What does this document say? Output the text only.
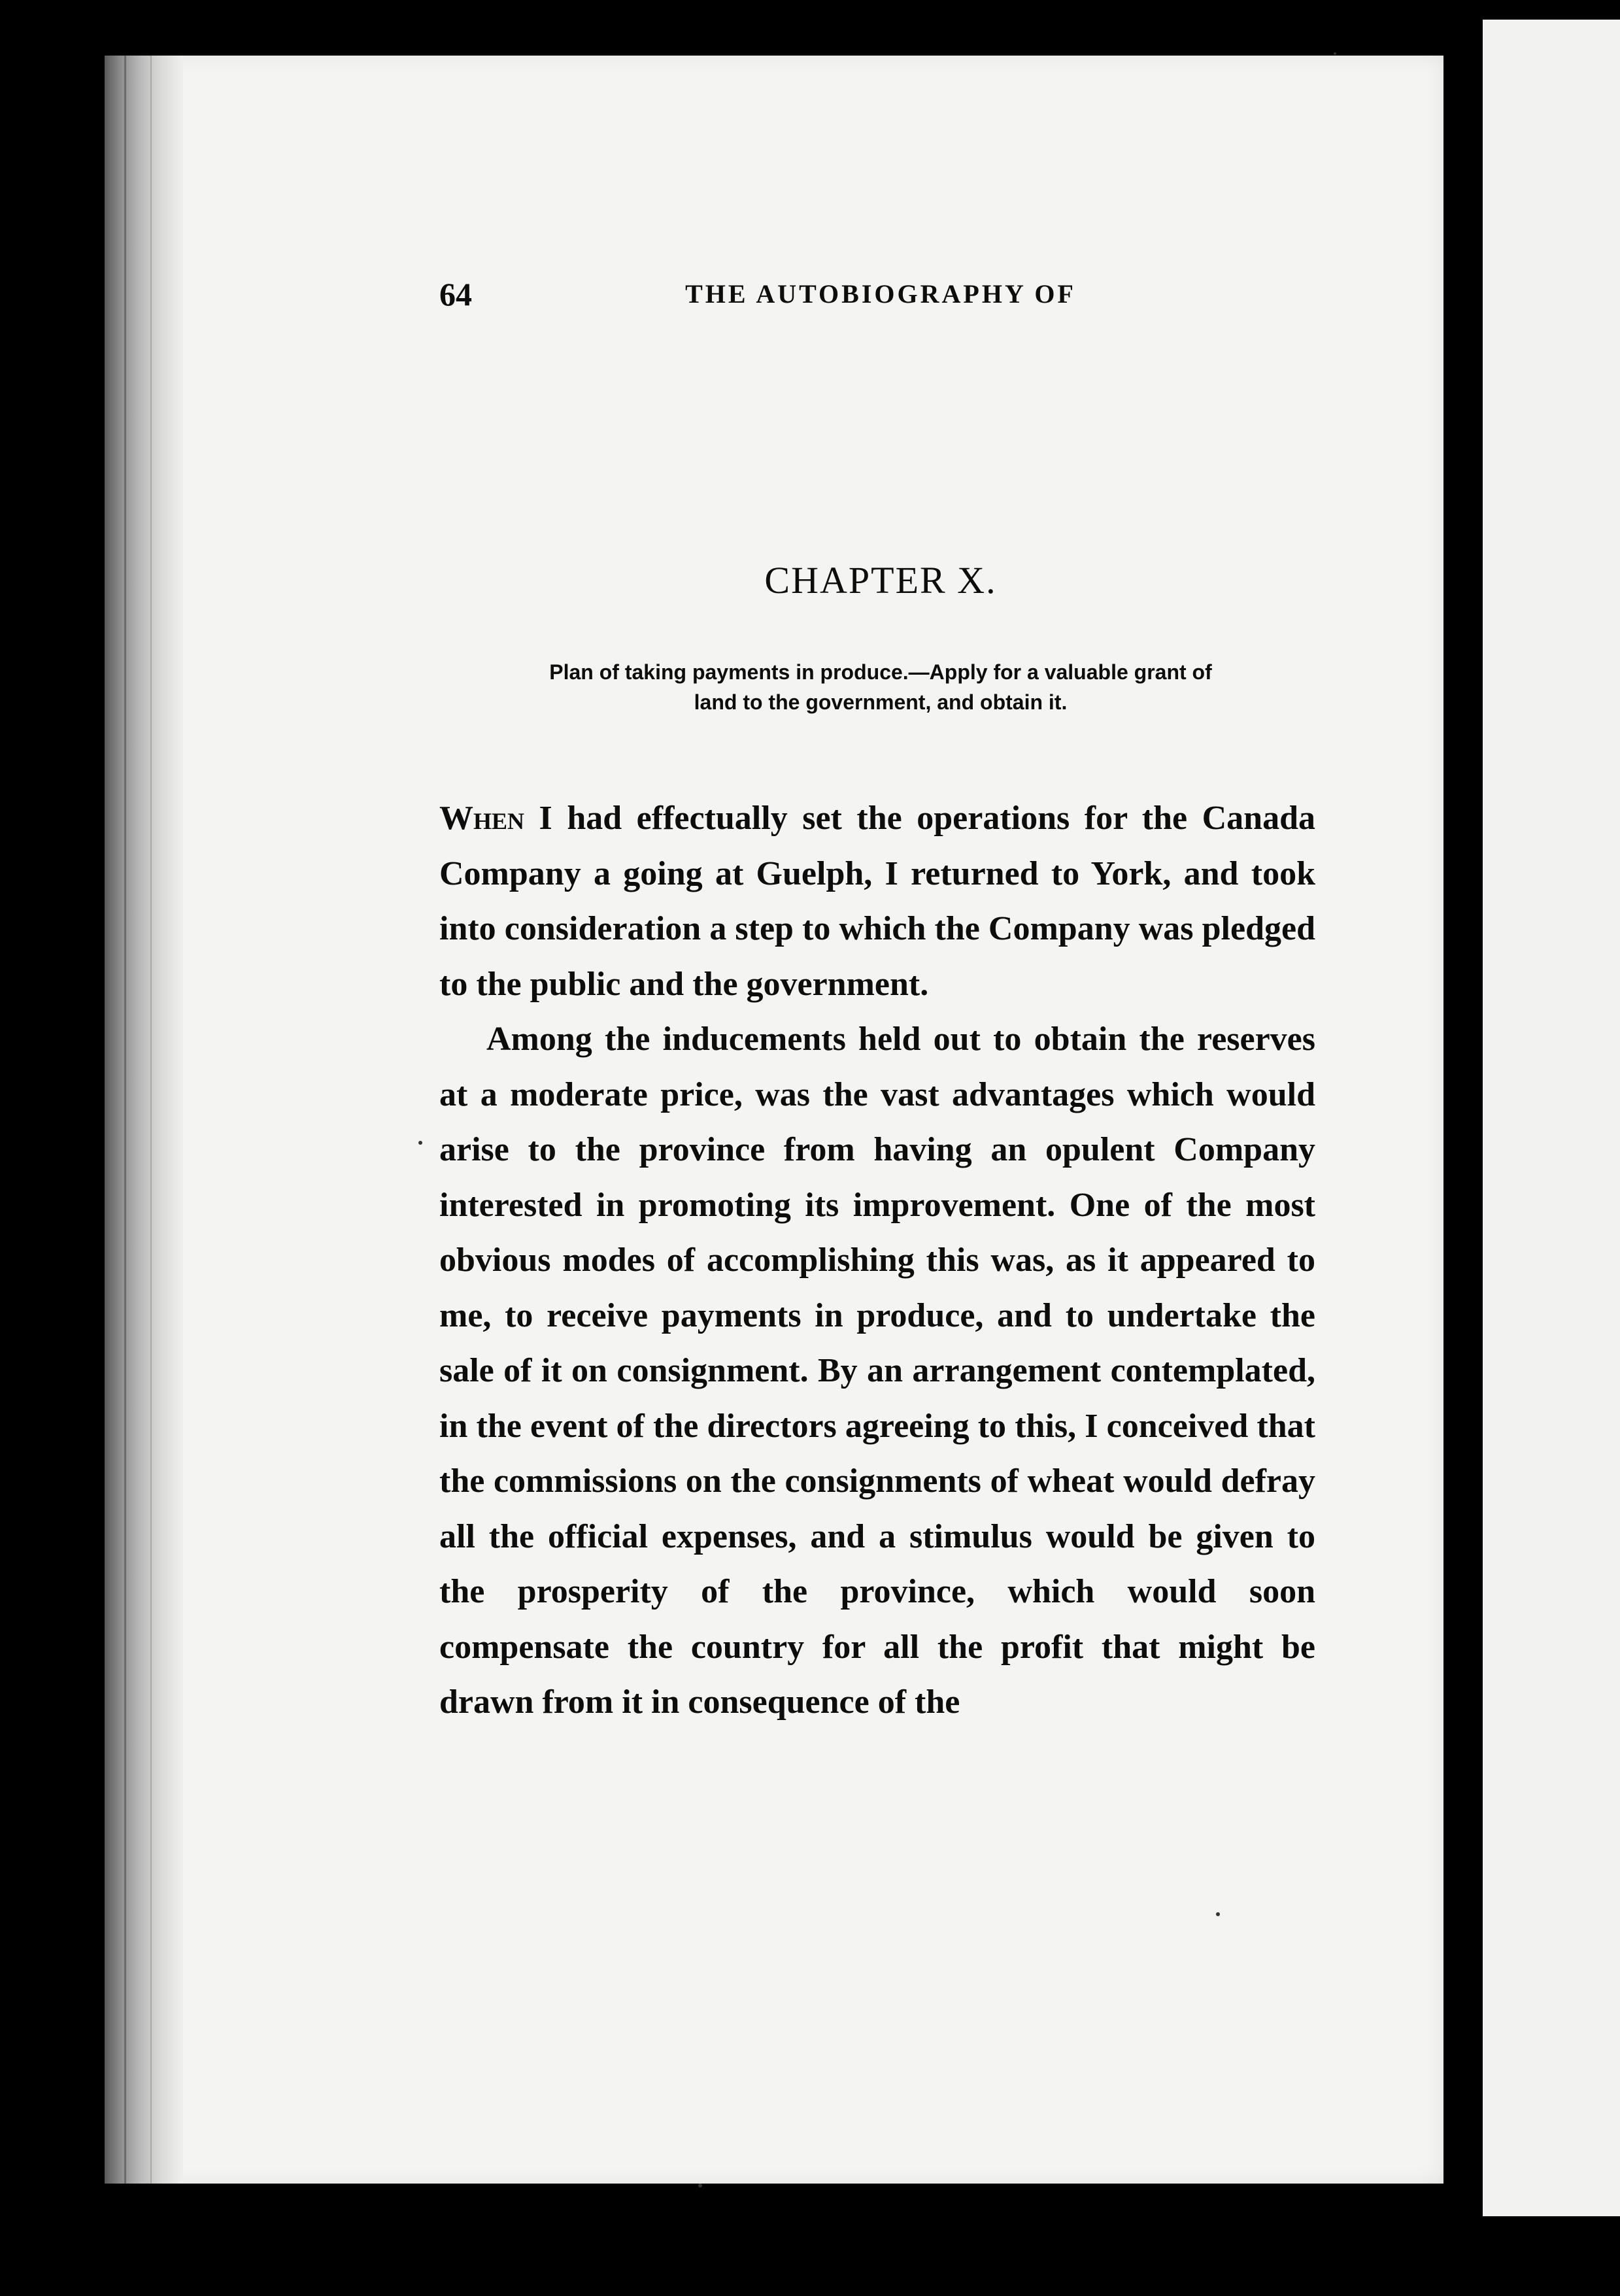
64	THE AUTOBIOGRAPHY OF
CHAPTER X.
Plan of taking payments in produce.—Apply for a valuable grant of
land to the government, and obtain it.

When I had effectually set the operations for the Canada Company a going at Guelph, I returned to York, and took into consideration a step to which the Company was pledged to the public and the government.

Among the inducements held out to obtain the reserves at a moderate price, was the vast advantages which would arise to the province from having an opulent Company interested in promoting its improvement. One of the most obvious modes of accomplishing this was, as it appeared to me, to receive payments in produce, and to undertake the sale of it on consignment. By an arrangement contemplated, in the event of the directors agreeing to this, I conceived that the commissions on the consignments of wheat would defray all the official expenses, and a stimulus would be given to the prosperity of the province, which would soon compensate the country for all the profit that might be drawn from it in consequence of the
